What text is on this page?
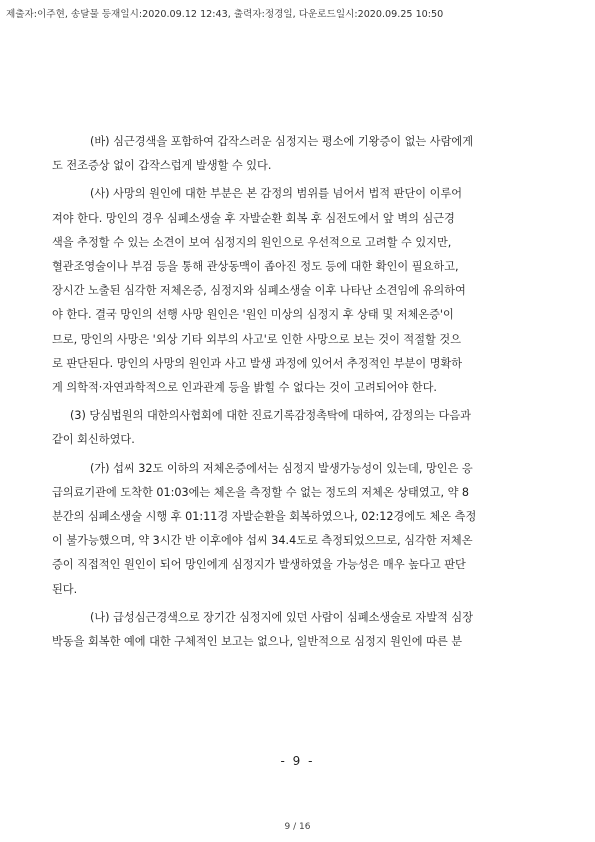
제출자:이주현, 송달물 등재일시:2020.09.12 12:43, 출력자:정경일, 다운로드일시:2020.09.25 10:50
(바) 심근경색을 포함하여 갑작스러운 심정지는 평소에 기왕증이 없는 사람에게
도 전조증상 없이 갑작스럽게 발생할 수 있다.
(사) 사망의 원인에 대한 부분은 본 감정의 범위를 넘어서 법적 판단이 이루어
져야 한다. 망인의 경우 심폐소생술 후 자발순환 회복 후 심전도에서 앞 벽의 심근경
색을 추정할 수 있는 소견이 보여 심정지의 원인으로 우선적으로 고려할 수 있지만,
혈관조영술이나 부검 등을 통해 관상동맥이 좁아진 정도 등에 대한 확인이 필요하고,
장시간 노출된 심각한 저체온증, 심정지와 심폐소생술 이후 나타난 소견임에 유의하여
야 한다. 결국 망인의 선행 사망 원인은 '원인 미상의 심정지 후 상태 및 저체온증'이
므로, 망인의 사망은 '외상 기타 외부의 사고'로 인한 사망으로 보는 것이 적절할 것으
로 판단된다. 망인의 사망의 원인과 사고 발생 과정에 있어서 추정적인 부분이 명확하
게 의학적·자연과학적으로 인과관계 등을 밝힐 수 없다는 것이 고려되어야 한다.
(3) 당심법원의 대한의사협회에 대한 진료기록감정촉탁에 대하여, 감정의는 다음과
같이 회신하였다.
(가) 섭씨 32도 이하의 저체온증에서는 심정지 발생가능성이 있는데, 망인은 응
급의료기관에 도착한 01:03에는 체온을 측정할 수 없는 정도의 저체온 상태였고, 약 8
분간의 심폐소생술 시행 후 01:11경 자발순환을 회복하였으나, 02:12경에도 체온 측정
이 불가능했으며, 약 3시간 반 이후에야 섭씨 34.4도로 측정되었으므로, 심각한 저체온
증이 직접적인 원인이 되어 망인에게 심정지가 발생하였을 가능성은 매우 높다고 판단
된다.
(나) 급성심근경색으로 장기간 심정지에 있던 사람이 심폐소생술로 자발적 심장
박동을 회복한 예에 대한 구체적인 보고는 없으나, 일반적으로 심정지 원인에 따른 분
- 9 -
9 / 16
